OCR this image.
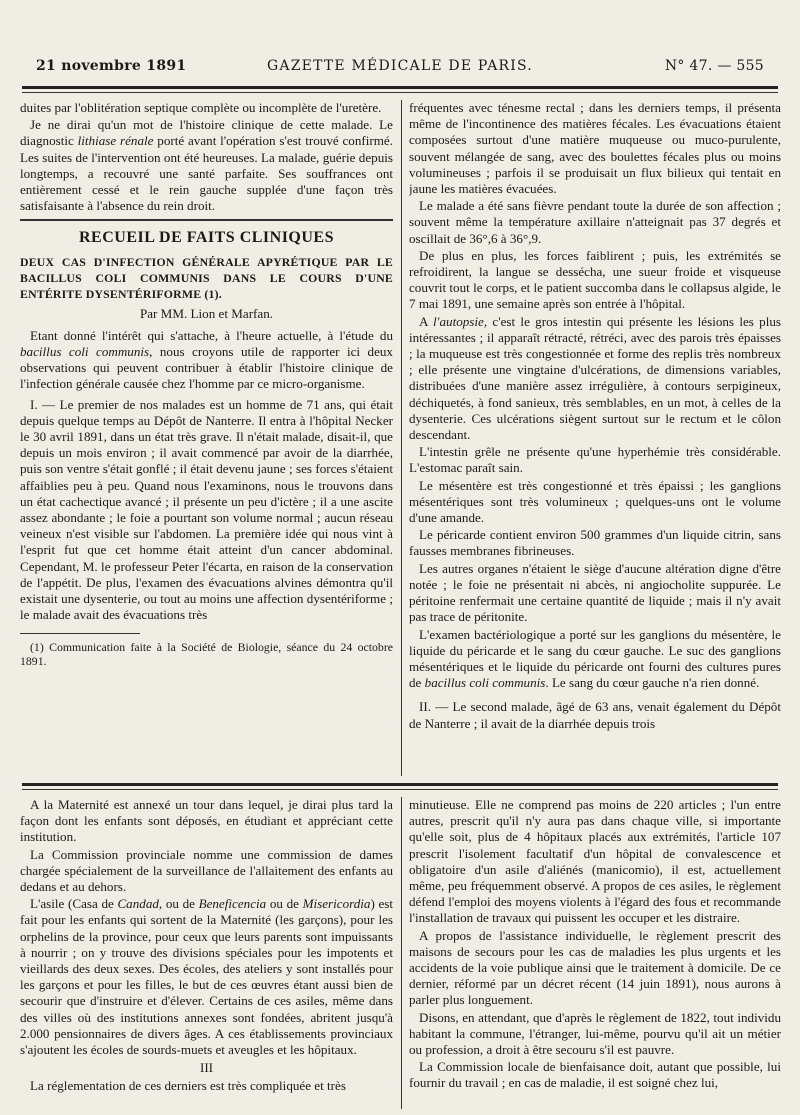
21 novembre 1891	GAZETTE MÉDICALE DE PARIS.	N° 47. — 555

duites par l'oblitération septique complète ou incomplète de l'uretère.

Je ne dirai qu'un mot de l'histoire clinique de cette malade. Le diagnostic lithiase rénale porté avant l'opération s'est trouvé confirmé. Les suites de l'intervention ont été heureuses. La malade, guérie depuis longtemps, a recouvré une santé parfaite. Ses souffrances ont entièrement cessé et le rein gauche supplée d'une façon très satisfaisante à l'absence du rein droit.

RECUEIL DE FAITS CLINIQUES

DEUX CAS D'INFECTION GÉNÉRALE APYRÉTIQUE PAR LE BACILLUS COLI COMMUNIS DANS LE COURS D'UNE ENTÉRITE DYSENTÉRIFORME (1).

Par MM. Lion et Marfan.

Etant donné l'intérêt qui s'attache, à l'heure actuelle, à l'étude du bacillus coli communis, nous croyons utile de rapporter ici deux observations qui peuvent contribuer à établir l'histoire clinique de l'infection générale causée chez l'homme par ce micro-organisme.

I. — Le premier de nos malades est un homme de 71 ans, qui était depuis quelque temps au Dépôt de Nanterre. Il entra à l'hôpital Necker le 30 avril 1891, dans un état très grave. Il n'était malade, disait-il, que depuis un mois environ ; il avait commencé par avoir de la diarrhée, puis son ventre s'était gonflé ; il était devenu jaune ; ses forces s'étaient affaiblies peu à peu. Quand nous l'examinons, nous le trouvons dans un état cachectique avancé ; il présente un peu d'ictère ; il a une ascite assez abondante ; le foie a pourtant son volume normal ; aucun réseau veineux n'est visible sur l'abdomen. La première idée qui nous vint à l'esprit fut que cet homme était atteint d'un cancer abdominal. Cependant, M. le professeur Peter l'écarta, en raison de la conservation de l'appétit. De plus, l'examen des évacuations alvines démontra qu'il existait une dysenterie, ou tout au moins une affection dysentériforme ; le malade avait des évacuations très

(1) Communication faite à la Société de Biologie, séance du 24 octobre 1891.

fréquentes avec ténesme rectal ; dans les derniers temps, il présenta même de l'incontinence des matières fécales. Les évacuations étaient composées surtout d'une matière muqueuse ou muco-purulente, souvent mélangée de sang, avec des boulettes fécales plus ou moins volumineuses ; parfois il se produisait un flux bilieux qui tentait en jaune les matières évacuées.

Le malade a été sans fièvre pendant toute la durée de son affection ; souvent même la température axillaire n'atteignait pas 37 degrés et oscillait de 36°,6 à 36°,9.

De plus en plus, les forces faiblirent ; puis, les extrémités se refroidirent, la langue se dessécha, une sueur froide et visqueuse couvrit tout le corps, et le patient succomba dans le collapsus algide, le 7 mai 1891, une semaine après son entrée à l'hôpital.

A l'autopsie, c'est le gros intestin qui présente les lésions les plus intéressantes ; il apparaît rétracté, rétréci, avec des parois très épaisses ; la muqueuse est très congestionnée et forme des replis très nombreux ; elle présente une vingtaine d'ulcérations, de dimensions variables, distribuées d'une manière assez irrégulière, à contours serpigineux, déchiquetés, à fond sanieux, très semblables, en un mot, à celles de la dysenterie. Ces ulcérations siègent surtout sur le rectum et le côlon descendant.

L'intestin grêle ne présente qu'une hyperhémie très considérable. L'estomac paraît sain.

Le mésentère est très congestionné et très épaissi ; les ganglions mésentériques sont très volumineux ; quelques-uns ont le volume d'une amande.

Le péricarde contient environ 500 grammes d'un liquide citrin, sans fausses membranes fibrineuses.

Les autres organes n'étaient le siège d'aucune altération digne d'être notée ; le foie ne présentait ni abcès, ni angiocholite suppurée. Le péritoine renfermait une certaine quantité de liquide ; mais il n'y avait pas trace de péritonite.

L'examen bactériologique a porté sur les ganglions du mésentère, le liquide du péricarde et le sang du cœur gauche. Le suc des ganglions mésentériques et le liquide du péricarde ont fourni des cultures pures de bacillus coli communis. Le sang du cœur gauche n'a rien donné.

II. — Le second malade, âgé de 63 ans, venait également du Dépôt de Nanterre ; il avait de la diarrhée depuis trois

A la Maternité est annexé un tour dans lequel, je dirai plus tard la façon dont les enfants sont déposés, en étudiant et appréciant cette institution.

La Commission provinciale nomme une commission de dames chargée spécialement de la surveillance de l'allaitement des enfants au dedans et au dehors.

L'asile (Casa de Candad, ou de Beneficencia ou de Misericordia) est fait pour les enfants qui sortent de la Maternité (les garçons), pour les orphelins de la province, pour ceux que leurs parents sont impuissants à nourrir ; on y trouve des divisions spéciales pour les impotents et vieillards des deux sexes. Des écoles, des ateliers y sont installés pour les garçons et pour les filles, le but de ces œuvres étant aussi bien de secourir que d'instruire et d'élever. Certains de ces asiles, même dans des villes où des institutions annexes sont fondées, abritent jusqu'à 2.000 pensionnaires de divers âges. A ces établissements provinciaux s'ajoutent les écoles de sourds-muets et aveugles et les hôpitaux.

III

La réglementation de ces derniers est très compliquée et très

minutieuse. Elle ne comprend pas moins de 220 articles ; l'un entre autres, prescrit qu'il n'y aura pas dans chaque ville, si importante qu'elle soit, plus de 4 hôpitaux placés aux extrémités, l'article 107 prescrit l'isolement facultatif d'un hôpital de convalescence et obligatoire d'un asile d'aliénés (manicomio), il est, actuellement même, peu fréquemment observé. A propos de ces asiles, le règlement défend l'emploi des moyens violents à l'égard des fous et recommande l'installation de travaux qui puissent les occuper et les distraire.

A propos de l'assistance individuelle, le règlement prescrit des maisons de secours pour les cas de maladies les plus urgents et les accidents de la voie publique ainsi que le traitement à domicile. De ce dernier, réformé par un décret récent (14 juin 1891), nous aurons à parler plus longuement.

Disons, en attendant, que d'après le règlement de 1822, tout individu habitant la commune, l'étranger, lui-même, pourvu qu'il ait un métier ou profession, a droit à être secouru s'il est pauvre.

La Commission locale de bienfaisance doit, autant que possible, lui fournir du travail ; en cas de maladie, il est soigné chez lui,
